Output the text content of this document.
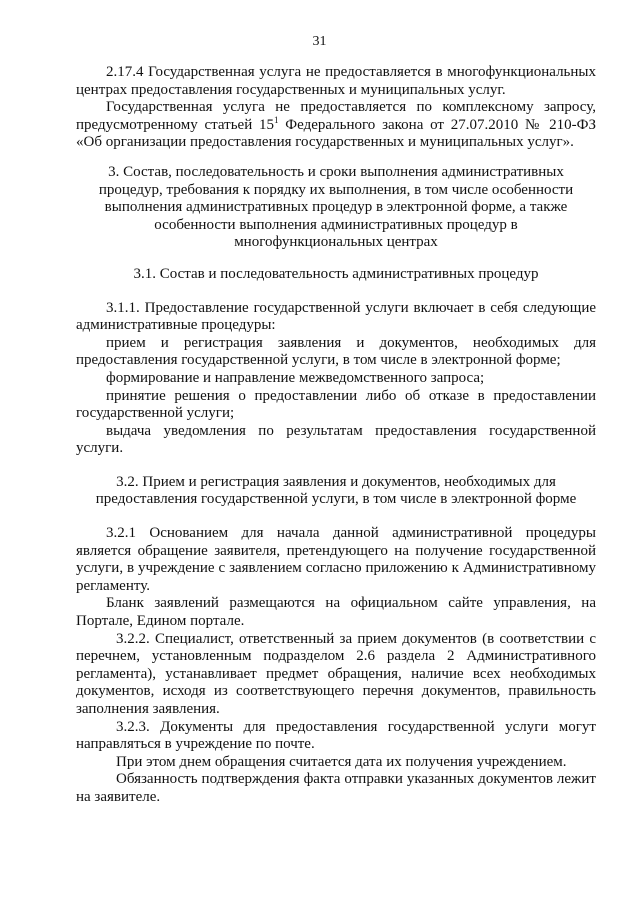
31

2.17.4 Государственная услуга не предоставляется в многофункциональных центрах предоставления государственных и муниципальных услуг.

Государственная услуга не предоставляется по комплексному запросу, предусмотренному статьей $15^1$ Федерального закона от 27.07.2010 № 210-ФЗ «Об организации предоставления государственных и муниципальных услуг».

3. Состав, последовательность и сроки выполнения административных процедур, требования к порядку их выполнения, в том числе особенности выполнения административных процедур в электронной форме, а также особенности выполнения административных процедур в многофункциональных центрах

3.1. Состав и последовательность административных процедур

3.1.1. Предоставление государственной услуги включает в себя следующие административные процедуры:

прием и регистрация заявления и документов, необходимых для предоставления государственной услуги, в том числе в электронной форме;

формирование и направление межведомственного запроса;

принятие решения о предоставлении либо об отказе в предоставлении государственной услуги;

выдача уведомления по результатам предоставления государственной услуги.

3.2. Прием и регистрация заявления и документов, необходимых для предоставления государственной услуги, в том числе в электронной форме

3.2.1 Основанием для начала данной административной процедуры является обращение заявителя, претендующего на получение государственной услуги, в учреждение с заявлением согласно приложению к Административному регламенту.

Бланк заявлений размещаются на официальном сайте управления, на Портале, Едином портале.

3.2.2. Специалист, ответственный за прием документов (в соответствии с перечнем, установленным подразделом 2.6 раздела 2 Административного регламента), устанавливает предмет обращения, наличие всех необходимых документов, исходя из соответствующего перечня документов, правильность заполнения заявления.

3.2.3. Документы для предоставления государственной услуги могут направляться в учреждение по почте.

При этом днем обращения считается дата их получения учреждением.

Обязанность подтверждения факта отправки указанных документов лежит на заявителе.
